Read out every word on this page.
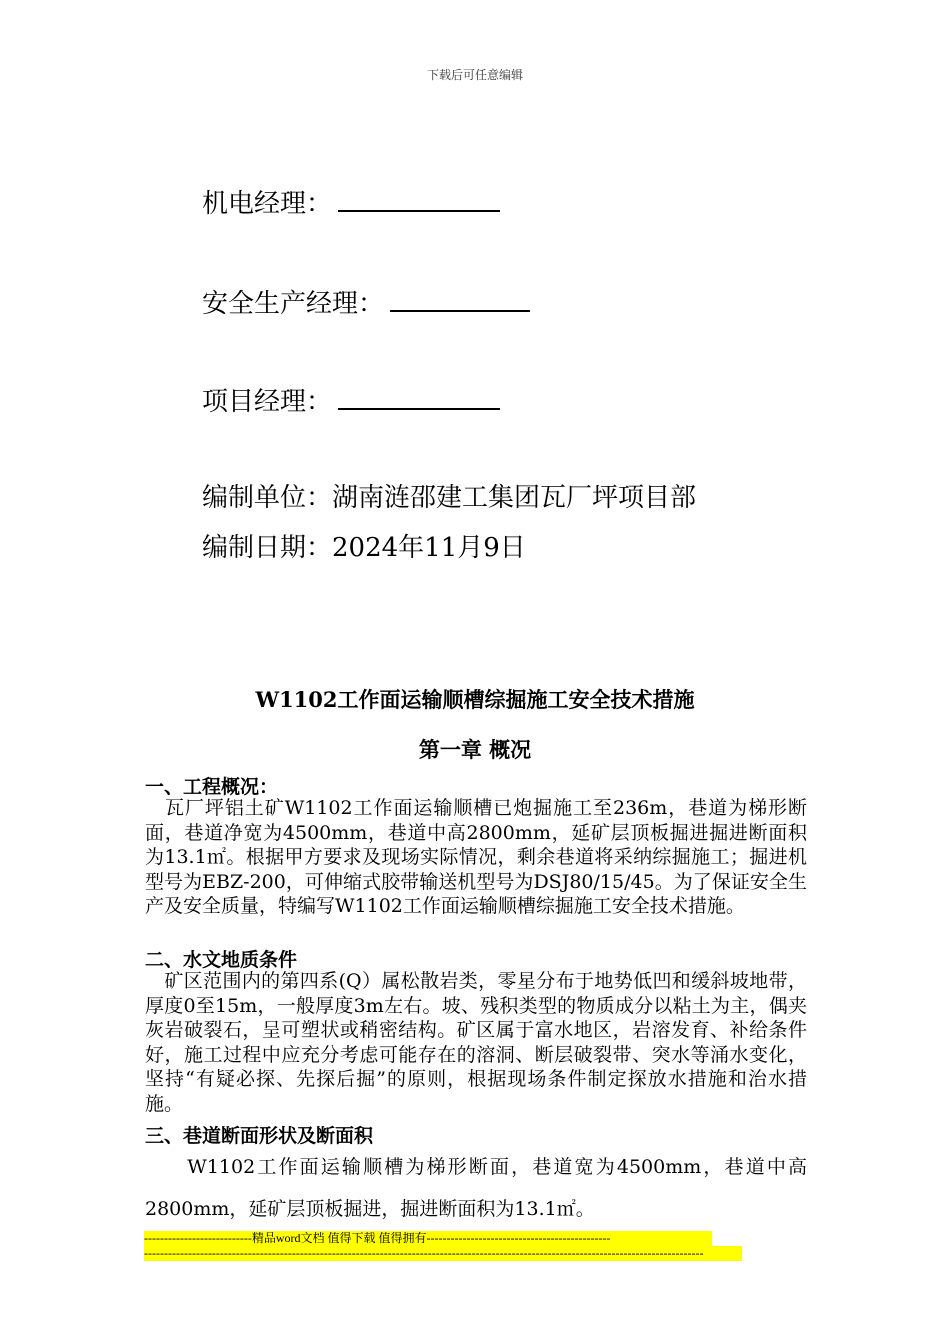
下载后可任意编辑
机电经理：
安全生产经理：
项目经理：
编制单位：湖南涟邵建工集团瓦厂坪项目部
编制日期：2024年11月9日
W1102工作面运输顺槽综掘施工安全技术措施
第一章 概况
一、工程概况：
　瓦厂坪铝土矿W1102工作面运输顺槽已炮掘施工至236m，巷道为梯形断面，巷道净宽为4500mm，巷道中高2800mm，延矿层顶板掘进掘进断面积为13.1㎡。根据甲方要求及现场实际情况，剩余巷道将采纳综掘施工；掘进机型号为EBZ-200，可伸缩式胶带输送机型号为DSJ80/15/45。为了保证安全生产及安全质量，特编写W1102工作面运输顺槽综掘施工安全技术措施。
二、水文地质条件
　矿区范围内的第四系(Q）属松散岩类，零星分布于地势低凹和缓斜坡地带，厚度0至15m，一般厚度3m左右。坡、残积类型的物质成分以粘土为主，偶夹灰岩破裂石，呈可塑状或稍密结构。矿区属于富水地区，岩溶发育、补给条件好，施工过程中应充分考虑可能存在的溶洞、断层破裂带、突水等涌水变化，坚持“有疑必探、先探后掘”的原则，根据现场条件制定探放水措施和治水措施。
三、巷道断面形状及断面积
　　W1102工作面运输顺槽为梯形断面，巷道宽为4500mm，巷道中高2800mm，延矿层顶板掘进，掘进断面积为13.1㎡。
---------------------------精品word文档 值得下载 值得拥有----------------------------------------------
--------------------------------------------------------------------------------------------------------------------------------------------
